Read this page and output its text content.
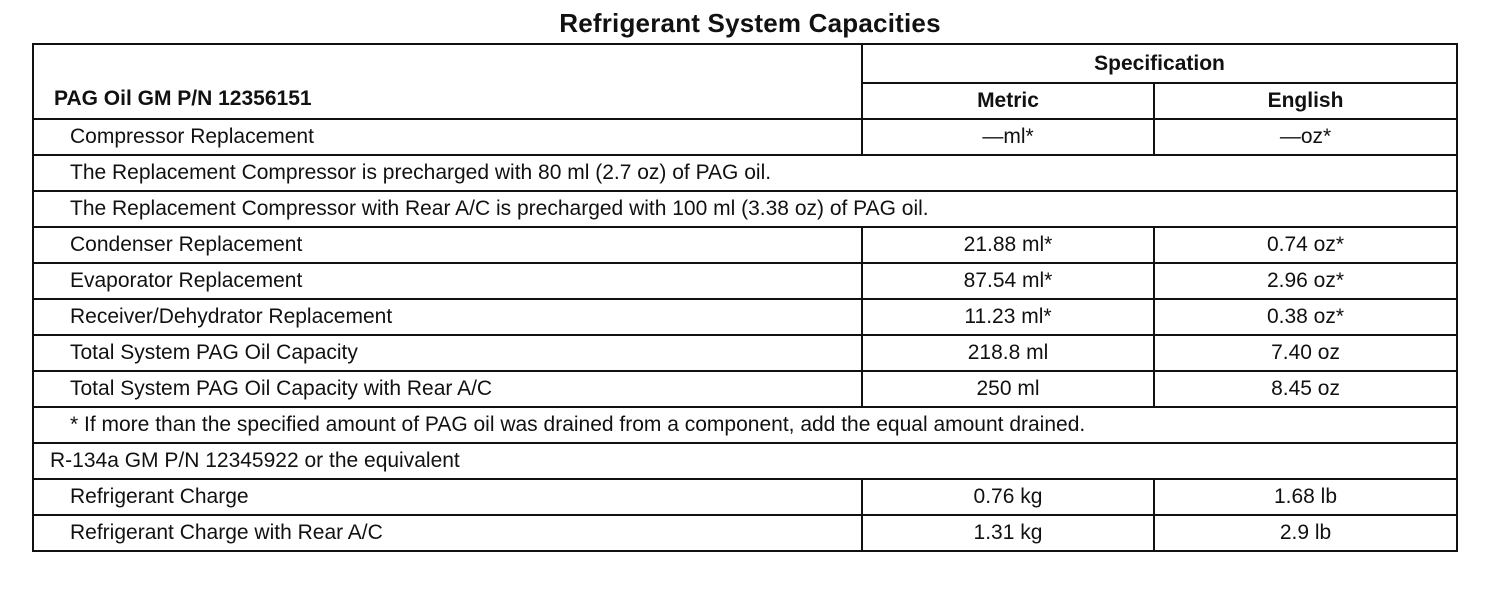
Refrigerant System Capacities
PAG Oil GM P/N 12356151	Specification	
	Metric	English
Compressor Replacement	—ml*	—oz*
The Replacement Compressor is precharged with 80 ml (2.7 oz) of PAG oil.		
The Replacement Compressor with Rear A/C is precharged with 100 ml (3.38 oz) of PAG oil.		
Condenser Replacement	21.88 ml*	0.74 oz*
Evaporator Replacement	87.54 ml*	2.96 oz*
Receiver/Dehydrator Replacement	11.23 ml*	0.38 oz*
Total System PAG Oil Capacity	218.8 ml	7.40 oz
Total System PAG Oil Capacity with Rear A/C	250 ml	8.45 oz
* If more than the specified amount of PAG oil was drained from a component, add the equal amount drained.		
R-134a GM P/N 12345922 or the equivalent		
Refrigerant Charge	0.76 kg	1.68 lb
Refrigerant Charge with Rear A/C	1.31 kg	2.9 lb
